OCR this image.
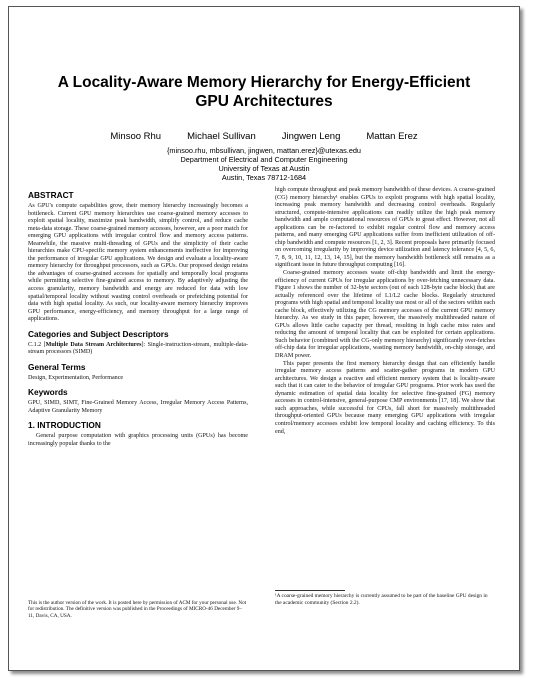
A Locality-Aware Memory Hierarchy for Energy-Efficient
GPU Architectures
Minsoo Rhu	Michael Sullivan	Jingwen Leng	Mattan Erez
{minsoo.rhu, mbsullivan, jingwen, mattan.erez}@utexas.edu
Department of Electrical and Computer Engineering
University of Texas at Austin
Austin, Texas 78712-1684
ABSTRACT

As GPU's compute capabilities grow, their memory hierarchy increasingly becomes a bottleneck. Current GPU memory hierarchies use coarse-grained memory accesses to exploit spatial locality, maximize peak bandwidth, simplify control, and reduce cache meta-data storage. These coarse-grained memory accesses, however, are a poor match for emerging GPU applications with irregular control flow and memory access patterns. Meanwhile, the massive multi-threading of GPUs and the simplicity of their cache hierarchies make CPU-specific memory system enhancements ineffective for improving the performance of irregular GPU applications. We design and evaluate a locality-aware memory hierarchy for throughput processors, such as GPUs. Our proposed design retains the advantages of coarse-grained accesses for spatially and temporally local programs while permitting selective fine-grained access to memory. By adaptively adjusting the access granularity, memory bandwidth and energy are reduced for data with low spatial/temporal locality without wasting control overheads or prefetching potential for data with high spatial locality. As such, our locality-aware memory hierarchy improves GPU performance, energy-efficiency, and memory throughput for a large range of applications.

Categories and Subject Descriptors

C.1.2 [Multiple Data Stream Architectures]: Single-instruction-stream, multiple-data-stream processors (SIMD)

General Terms

Design, Experimentation, Performance

Keywords

GPU, SIMD, SIMT, Fine-Grained Memory Access, Irregular Memory Access Patterns, Adaptive Granularity Memory

1. INTRODUCTION

General purpose computation with graphics processing units (GPUs) has become increasingly popular thanks to the

This is the author version of the work. It is posted here by permission of ACM for your personal use. Not for redistribution. The definitive version was published in the Proceedings of MICRO-46 December 9–11, Davis, CA, USA.

high compute throughput and peak memory bandwidth of these devices. A coarse-grained (CG) memory hierarchy¹ enables GPUs to exploit programs with high spatial locality, increasing peak memory bandwidth and decreasing control overheads. Regularly structured, compute-intensive applications can readily utilize the high peak memory bandwidth and ample computational resources of GPUs to great effect. However, not all applications can be re-factored to exhibit regular control flow and memory access patterns, and many emerging GPU applications suffer from inefficient utilization of off-chip bandwidth and compute resources [1, 2, 3]. Recent proposals have primarily focused on overcoming irregularity by improving device utilization and latency tolerance [4, 5, 6, 7, 8, 9, 10, 11, 12, 13, 14, 15], but the memory bandwidth bottleneck still remains as a significant issue in future throughput computing [16].

Coarse-grained memory accesses waste off-chip bandwidth and limit the energy-efficiency of current GPUs for irregular applications by over-fetching unnecessary data. Figure 1 shows the number of 32-byte sectors (out of each 128-byte cache block) that are actually referenced over the lifetime of L1/L2 cache blocks. Regularly structured programs with high spatial and temporal locality use most or all of the sectors within each cache block, effectively utilizing the CG memory accesses of the current GPU memory hierarchy. As we study in this paper, however, the massively multithreaded nature of GPUs allows little cache capacity per thread, resulting in high cache miss rates and reducing the amount of temporal locality that can be exploited for certain applications. Such behavior (combined with the CG-only memory hierarchy) significantly over-fetches off-chip data for irregular applications, wasting memory bandwidth, on-chip storage, and DRAM power.

This paper presents the first memory hierarchy design that can efficiently handle irregular memory access patterns and scatter-gather programs in modern GPU architectures. We design a reactive and efficient memory system that is locality-aware such that it can cater to the behavior of irregular GPU programs. Prior work has used the dynamic estimation of spatial data locality for selective fine-grained (FG) memory accesses in control-intensive, general-purpose CMP environments [17, 18]. We show that such approaches, while successful for CPUs, fall short for massively multithreaded throughput-oriented GPUs because many emerging GPU applications with irregular control/memory accesses exhibit low temporal locality and caching efficiency. To this end,

¹A coarse-grained memory hierarchy is currently assumed to be part of the baseline GPU design in the academic community (Section 2.2).
